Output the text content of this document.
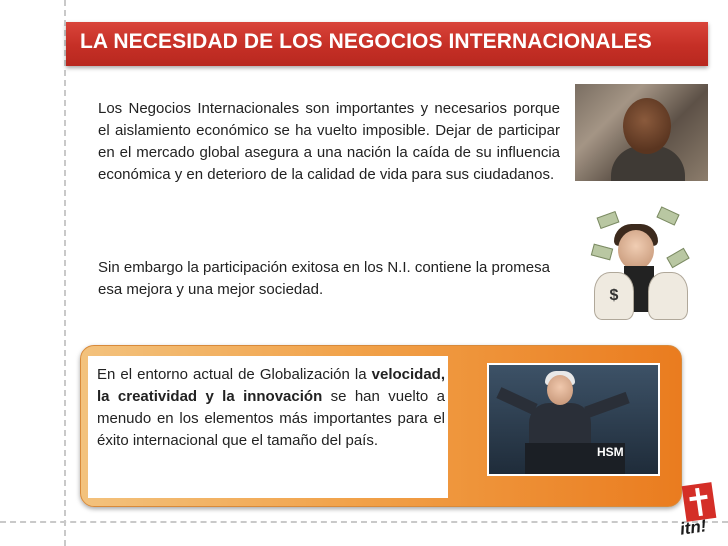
LA NECESIDAD DE LOS NEGOCIOS INTERNACIONALES
Los Negocios Internacionales son importantes y necesarios porque el aislamiento económico se ha vuelto imposible. Dejar de participar en el mercado global asegura a una nación la caída de su influencia económica y en deterioro de la calidad de vida para sus ciudadanos.
Sin embargo la participación exitosa en los N.I. contiene la promesa esa mejora y una mejor sociedad.	$
En el entorno actual de Globalización la velocidad, la creatividad y la innovación se han vuelto a menudo en los elementos más importantes para el éxito internacional que el tamaño del país.
HSM
itn!
